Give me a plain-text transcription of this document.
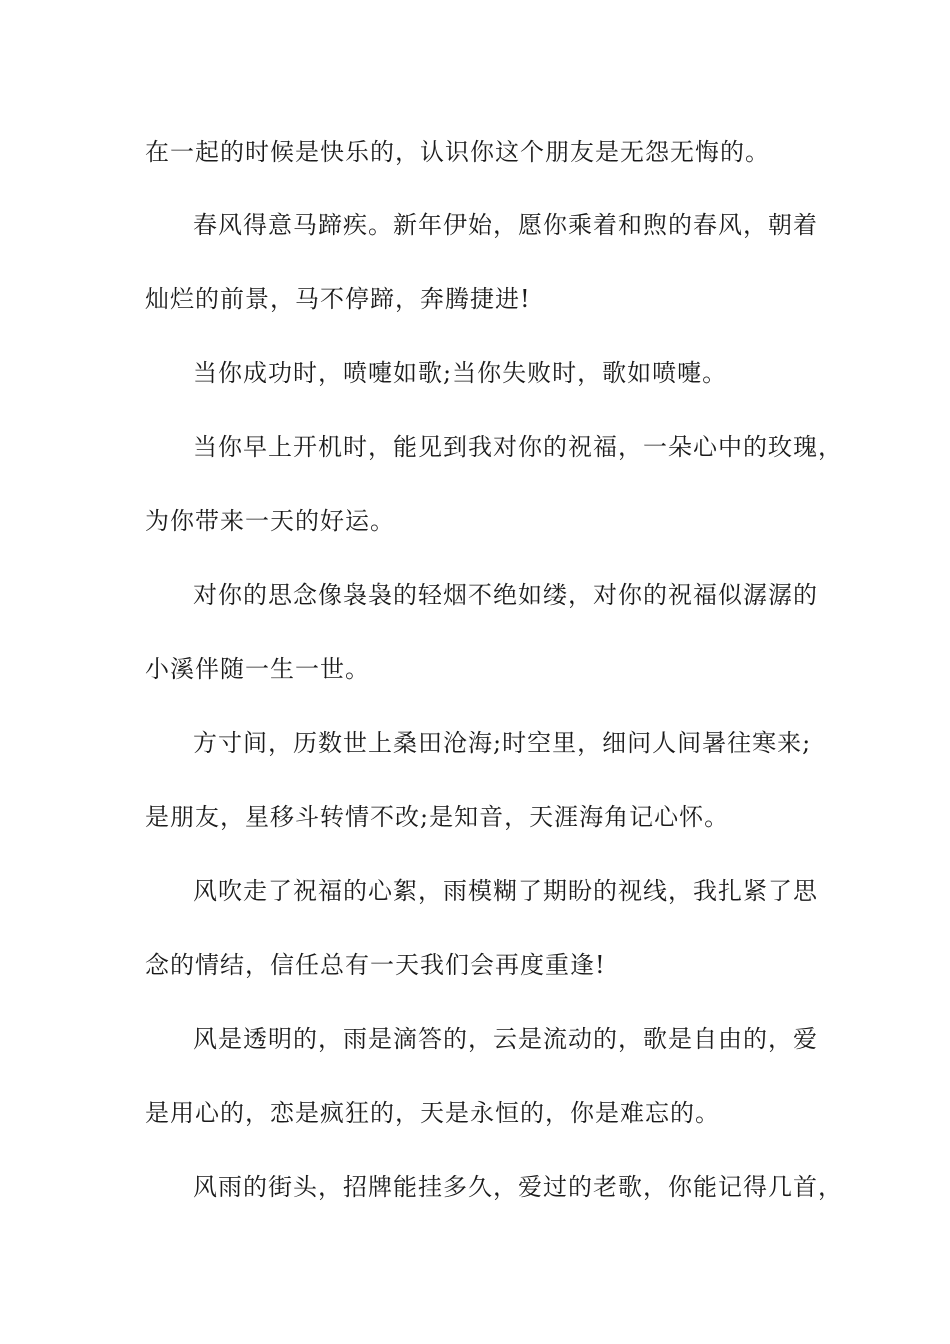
在一起的时候是快乐的，认识你这个朋友是无怨无悔的。
春风得意马蹄疾。新年伊始，愿你乘着和煦的春风，朝着
灿烂的前景，马不停蹄，奔腾捷进!
当你成功时，喷嚏如歌;当你失败时，歌如喷嚏。
当你早上开机时，能见到我对你的祝福，一朵心中的玫瑰，
为你带来一天的好运。
对你的思念像袅袅的轻烟不绝如缕，对你的祝福似潺潺的
小溪伴随一生一世。
方寸间，历数世上桑田沧海;时空里，细问人间暑往寒来;
是朋友，星移斗转情不改;是知音，天涯海角记心怀。
风吹走了祝福的心絮，雨模糊了期盼的视线，我扎紧了思
念的情结，信任总有一天我们会再度重逢!
风是透明的，雨是滴答的，云是流动的，歌是自由的，爱
是用心的，恋是疯狂的，天是永恒的，你是难忘的。
风雨的街头，招牌能挂多久，爱过的老歌，你能记得几首，
